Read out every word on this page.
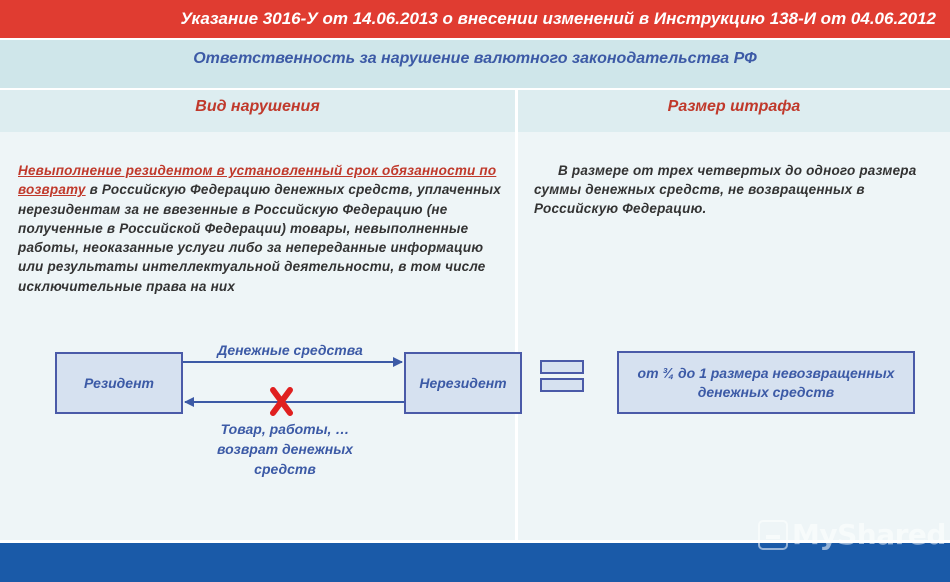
Указание 3016-У от 14.06.2013 о внесении изменений в Инструкцию 138-И от 04.06.2012
Ответственность за нарушение валютного законодательства РФ
Вид нарушения	Размер штрафа
Невыполнение резидентом в установленный срок обязанности по возврату в Российскую Федерацию денежных средств, уплаченных нерезидентам за не ввезенные в Российскую Федерацию (не полученные в Российской Федерации) товары, невыполненные работы, неоказанные услуги либо за непереданные информацию или результаты интеллектуальной деятельности, в том числе исключительные права на них
В размере от трех четвертых до одного размера суммы денежных средств, не возвращенных в Российскую Федерацию.
Денежные средства
Товар, работы, … возврат денежных средств
Резидент	Нерезидент
от ¾ до 1 размера невозвращенных денежных средств
MyShared
